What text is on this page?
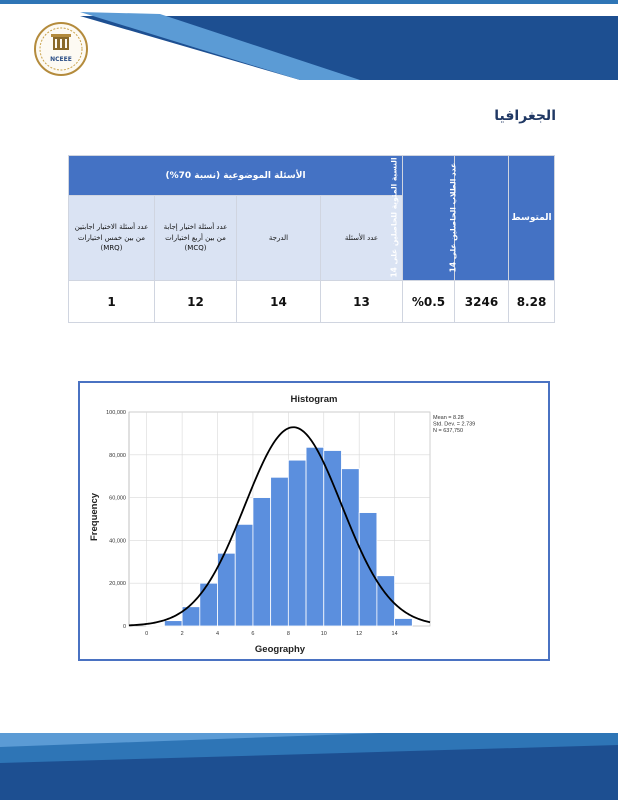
NCEEE
الجغرافيا
المتوسط	عدد الطلاب الحاصلين على 14	النسبة المئوية للحاصلين على 14	الأسئلة الموضوعية (نسبة 70%)			
			عدد الأسئلة	الدرجة	عدد أسئلة اختيار إجابة من بين أربع اختيارات (MCQ)	عدد أسئلة الاختيار اجابتين من بين خمس اختيارات (MRQ)
8.28	3246	%0.5	13	14	12	1
Histogram
Geography
Frequency
0
20,000
40,000
60,000
80,000
100,000
0	2	4	6	8	10	12	14
Mean = 8.28
Std. Dev. = 2.739
N = 637,750
